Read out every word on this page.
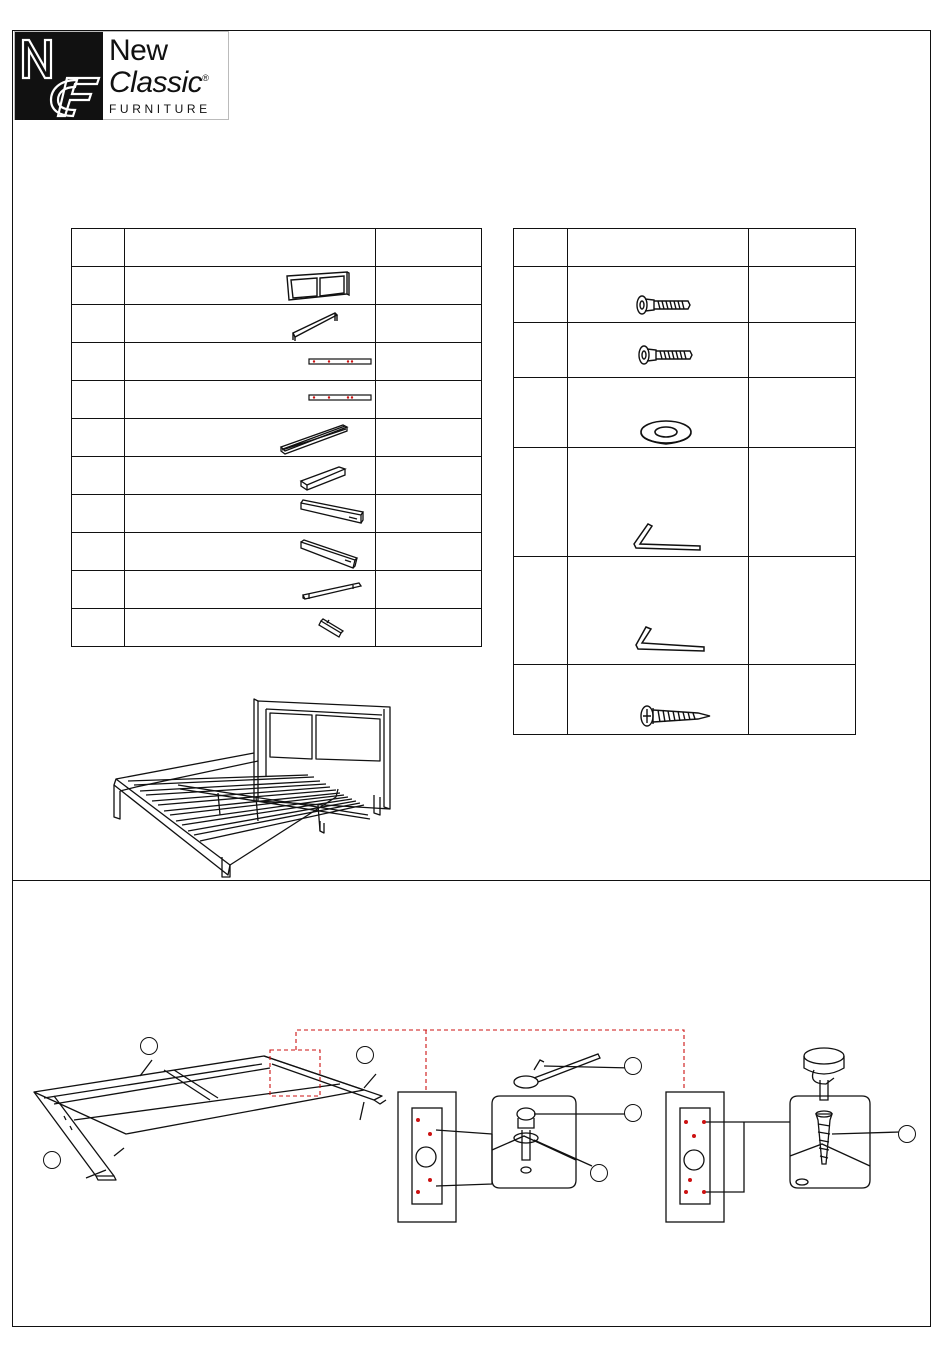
New
Classic®
FURNITURE
